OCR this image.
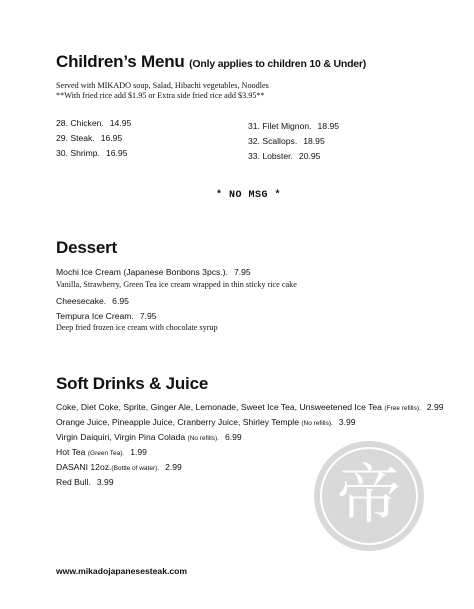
Children’s Menu (Only applies to children 10 & Under)
Served with MIKADO soup, Salad, Hibachi vegetables, Noodles
**With fried rice add $1.95 or Extra side fried rice add $3.95**
28. Chicken. 14.95
29. Steak. 16.95
30. Shrimp. 16.95
31. Filet Mignon. 18.95
32. Scallops. 18.95
33. Lobster. 20.95
* NO MSG *
Dessert
Mochi Ice Cream (Japanese Bonbons 3pcs.). 7.95
Vanilla, Strawberry, Green Tea ice cream wrapped in thin sticky rice cake
Cheesecake. 6.95
Tempura Ice Cream. 7.95
Deep fried frozen ice cream with chocolate syrup
Soft Drinks & Juice
Coke, Diet Coke, Sprite, Ginger Ale, Lemonade, Sweet Ice Tea, Unsweetened Ice Tea (Free refills). 2.99
Orange Juice, Pineapple Juice, Cranberry Juice, Shirley Temple (No refills). 3.99
Virgin Daiquiri, Virgin Pina Colada (No refills). 6.99
Hot Tea (Green Tea). 1.99
DASANI 12oz.(Bottle of water). 2.99
Red Bull. 3.99	帝
www.mikadojapanesesteak.com
